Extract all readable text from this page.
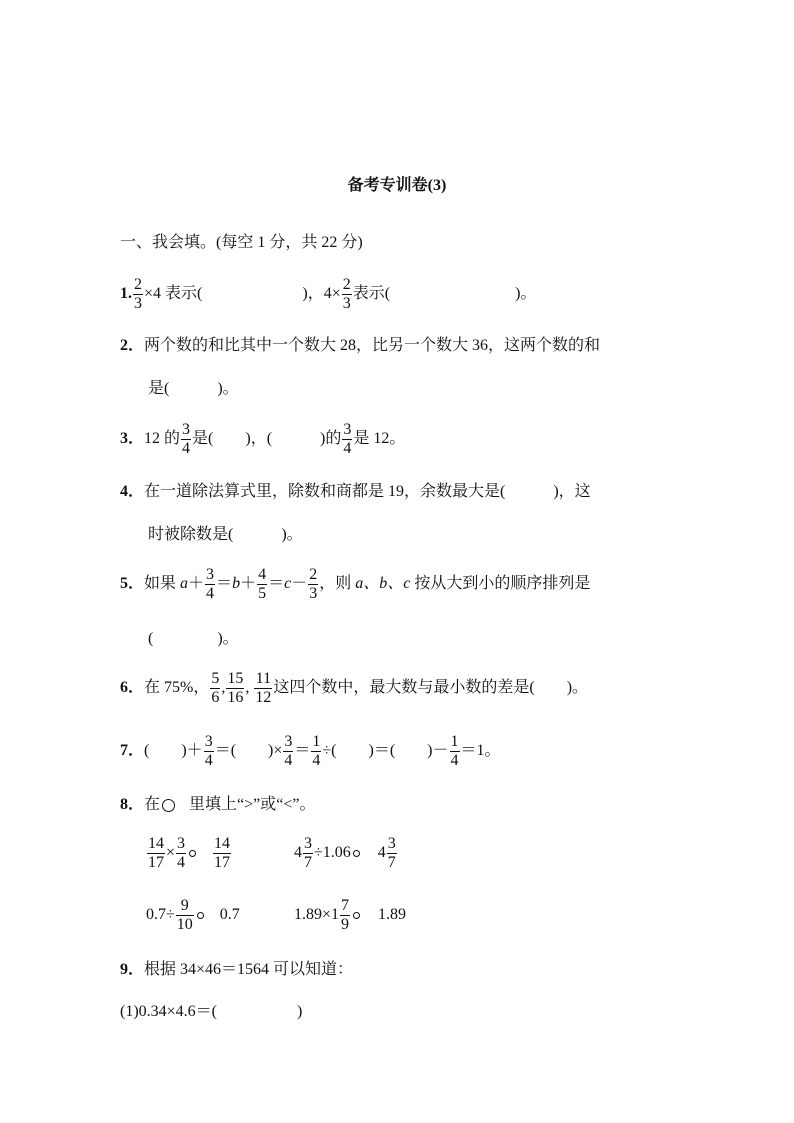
备考专训卷(3)
一、我会填。(每空 1 分，共 22 分)
1. $\frac{2}{3} \times 4$ 表示(	)，$4\times \frac{2}{3}$ 表示(	)。
2．两个数的和比其中一个数大 28，比另一个数大 36，这两个数的和
是(　　　)。
3．12 的 $\frac{3}{4}$ 是(　　)，(　　　)的 $\frac{3}{4}$ 是 12。
4．在一道除法算式里，除数和商都是 19，余数最大是(　　　)，这
时被除数是(　　　)。
5．如果 $a+ \frac{3}{4} =b+ \frac{4}{5} =c- \frac{2}{3}$ ，则 a、b、c 按从大到小的顺序排列是
(　　　　)。
6．在 75%， $\frac{5}{6}$ , $\frac{15}{16}$ , $\frac{11}{12}$ 这四个数中，最大数与最小数的差是(　　)。
7．(　　)＋ $\frac{3}{4}$ ＝(　　)× $\frac{3}{4} = \frac{1}{4}$ ÷(　　)＝(　　)－ $\frac{1}{4} =1$。
8．在 里填上“>”或“<”。
$\frac{14}{17} \times \frac{3}{4} \frac{14}{17}$	$4 \frac{3}{7} \div 1.06$ $4 \frac{3}{7}$
$0.7\div \frac{9}{10} 0.7$	$1.89\times 1 \frac{7}{9} 1.89$
9．根据 34×46＝1564 可以知道：
(1)0.34×4.6＝(　　　　　)
